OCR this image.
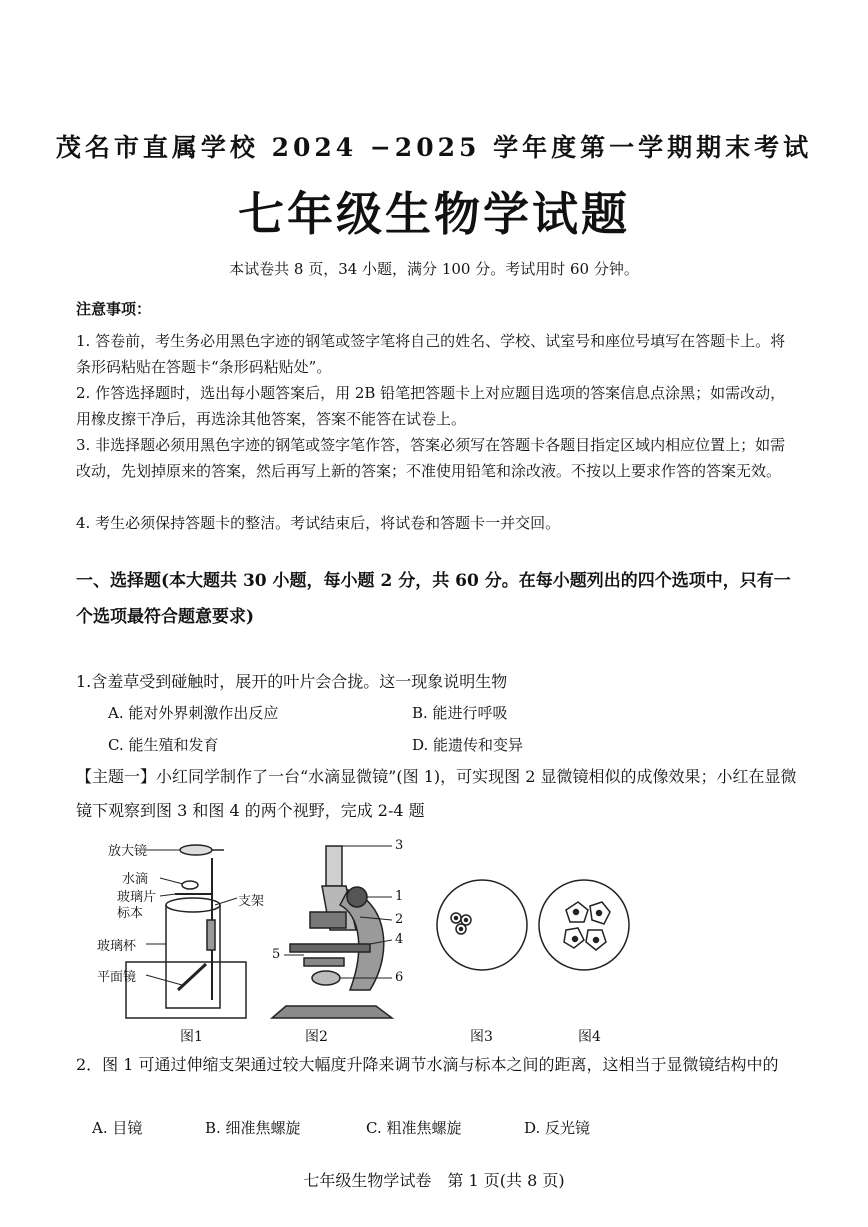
茂名市直属学校 2024 −2025 学年度第一学期期末考试
七年级生物学试题
本试卷共 8 页，34 小题，满分 100 分。考试用时 60 分钟。
注意事项：
1. 答卷前，考生务必用黑色字迹的钢笔或签字笔将自己的姓名、学校、试室号和座位号填写在答题卡上。将条形码粘贴在答题卡“条形码粘贴处”。
2. 作答选择题时，选出每小题答案后，用 2B 铅笔把答题卡上对应题目选项的答案信息点涂黑；如需改动，用橡皮擦干净后，再选涂其他答案，答案不能答在试卷上。
3. 非选择题必须用黑色字迹的钢笔或签字笔作答，答案必须写在答题卡各题目指定区域内相应位置上；如需改动，先划掉原来的答案，然后再写上新的答案；不准使用铅笔和涂改液。不按以上要求作答的答案无效。
4. 考生必须保持答题卡的整洁。考试结束后，将试卷和答题卡一并交回。
一、选择题(本大题共 30 小题，每小题 2 分，共 60 分。在每小题列出的四个选项中，只有一个选项最符合题意要求)
1.含羞草受到碰触时，展开的叶片会合拢。这一现象说明生物
A. 能对外界刺激作出反应	B. 能进行呼吸
C. 能生殖和发育	D. 能遗传和变异
【主题一】小红同学制作了一台“水滴显微镜”(图 1)，可实现图 2 显微镜相似的成像效果；小红在显微镜下观察到图 3 和图 4 的两个视野，完成 2-4 题
放大镜
水滴
玻璃片
标本
支架
玻璃杯
平面镜
3
1
2
4
5
6
图1	图2	图3	图4
2．图 1 可通过伸缩支架通过较大幅度升降来调节水滴与标本之间的距离，这相当于显微镜结构中的
A. 目镜	B. 细准焦螺旋	C. 粗准焦螺旋	D. 反光镜
七年级生物学试卷　第 1 页(共 8 页)
